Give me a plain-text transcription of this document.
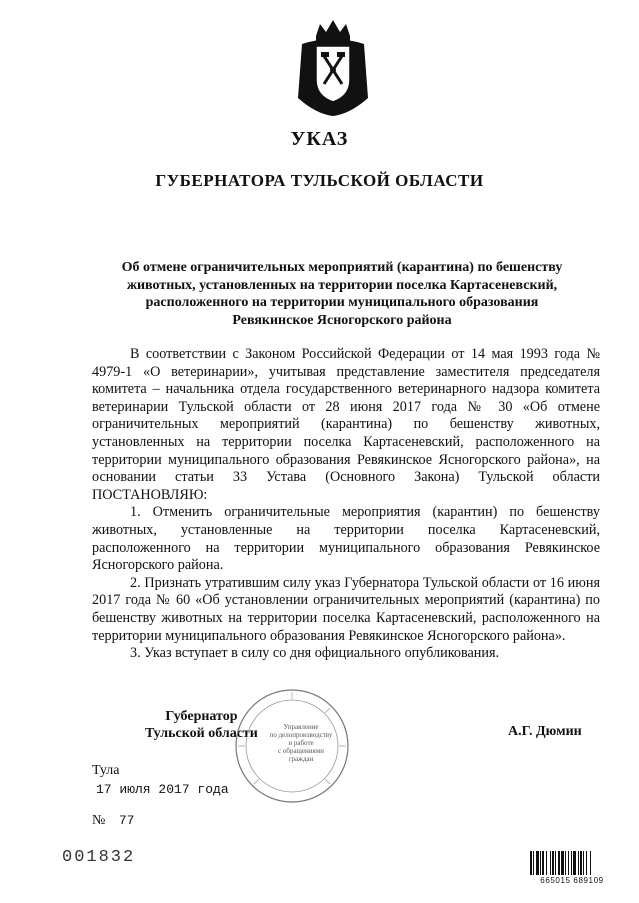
УКАЗ
ГУБЕРНАТОРА ТУЛЬСКОЙ ОБЛАСТИ
Об отмене ограничительных мероприятий (карантина) по бешенству
животных, установленных на территории поселка Картасеневский,
расположенного на территории муниципального образования
Ревякинское Ясногорского района

В соответствии с Законом Российской Федерации от 14 мая 1993 года № 4979-1 «О ветеринарии», учитывая представление заместителя председателя комитета – начальника отдела государственного ветеринарного надзора комитета ветеринарии Тульской области от 28 июня 2017 года № 30 «Об отмене ограничительных мероприятий (карантина) по бешенству животных, установленных на территории поселка Картасеневский, расположенного на территории муниципального образования Ревякинское Ясногорского района», на основании статьи 33 Устава (Основного Закона) Тульской области ПОСТАНОВЛЯЮ:

1. Отменить ограничительные мероприятия (карантин) по бешенству животных, установленные на территории поселка Картасеневский, расположенного на территории муниципального образования Ревякинское Ясногорского района.

2. Признать утратившим силу указ Губернатора Тульской области от 16 июня 2017 года № 60 «Об установлении ограничительных мероприятий (карантина) по бешенству животных на территории поселка Картасеневский, расположенного на территории муниципального образования Ревякинское Ясногорского района».

3. Указ вступает в силу со дня официального опубликования.

Губернатор
Тульской области	Управление
по делопроизводству
и работе
с обращениями
граждан
А.Г. Дюмин
Тула
17 июля 2017 года
№ 77
001832
665015 689109
